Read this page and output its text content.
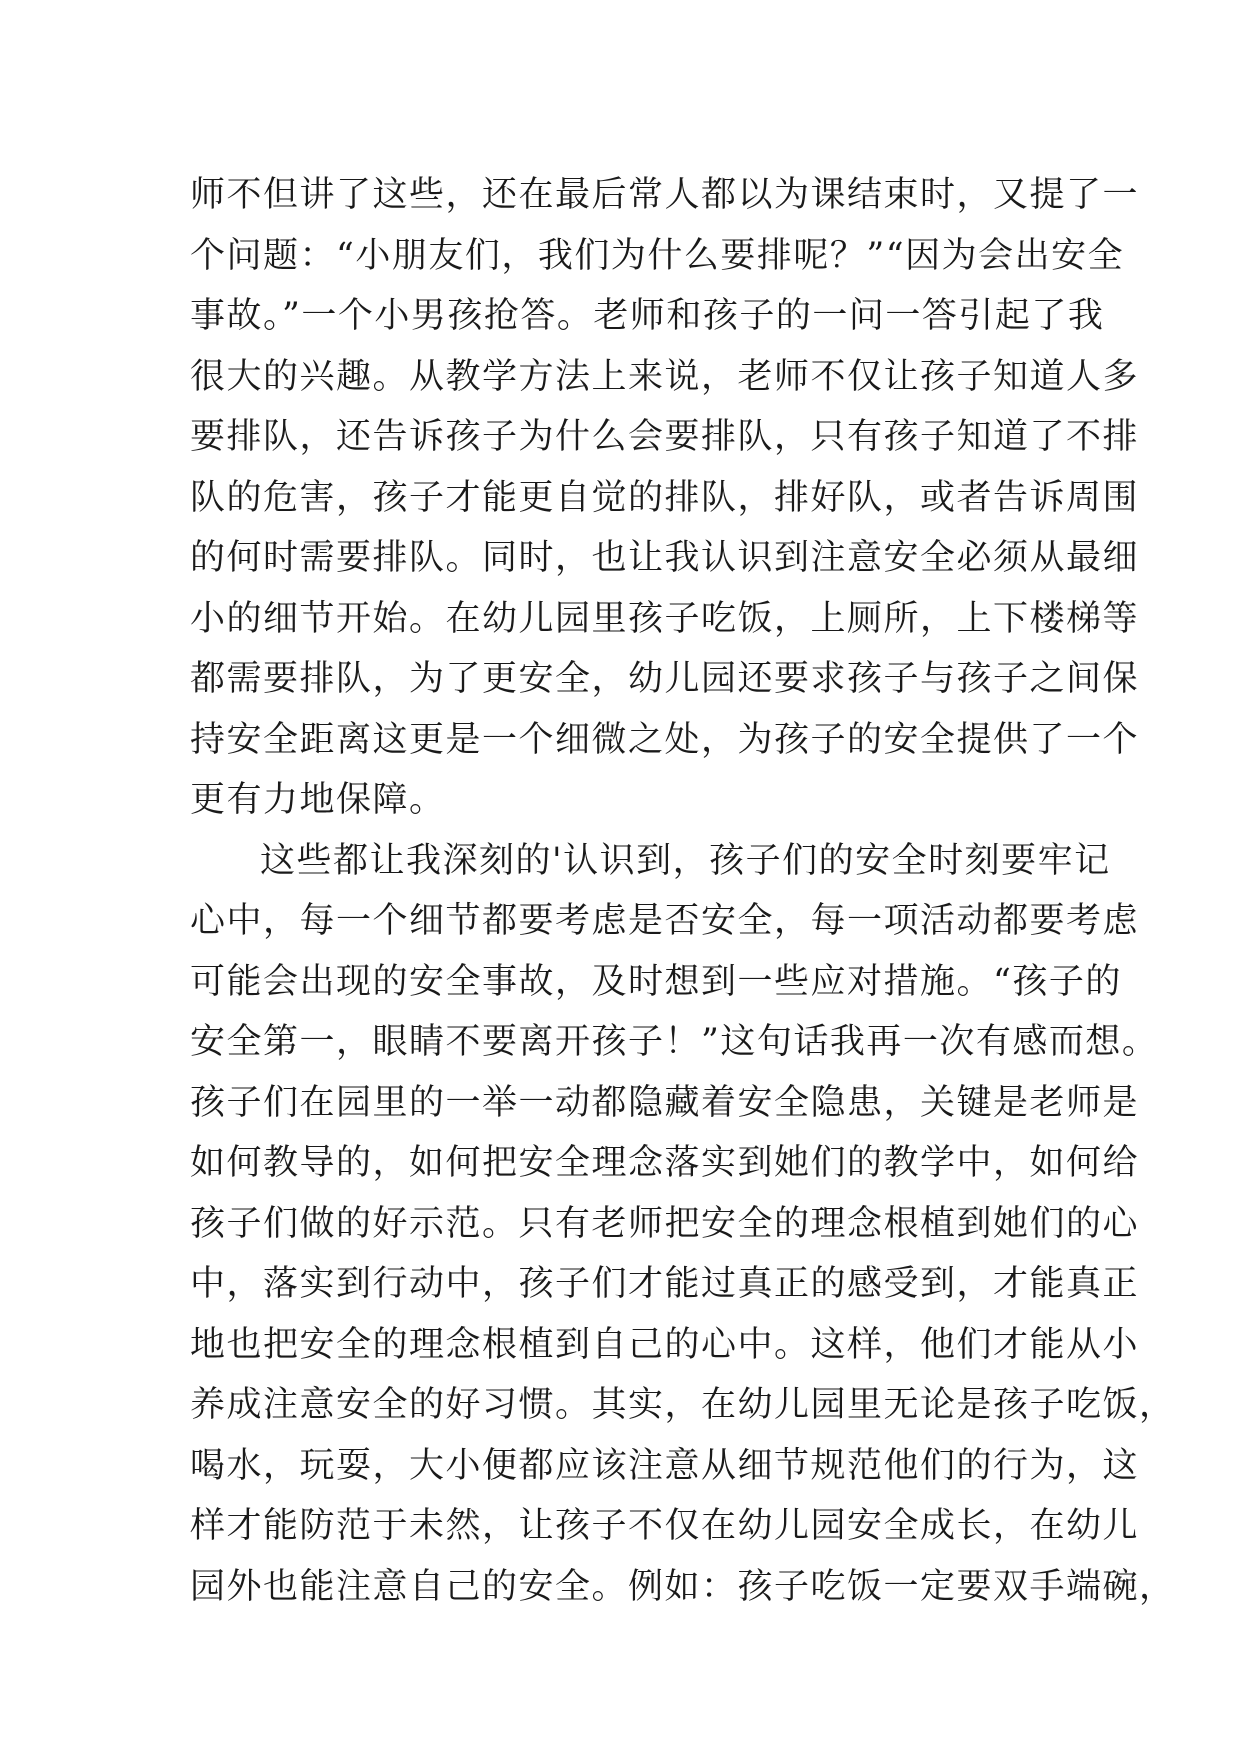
师不但讲了这些，还在最后常人都以为课结束时，又提了一
个问题：“小朋友们，我们为什么要排呢？”“因为会出安全
事故。”一个小男孩抢答。老师和孩子的一问一答引起了我
很大的兴趣。从教学方法上来说，老师不仅让孩子知道人多
要排队，还告诉孩子为什么会要排队，只有孩子知道了不排
队的危害，孩子才能更自觉的排队，排好队，或者告诉周围
的何时需要排队。同时，也让我认识到注意安全必须从最细
小的细节开始。在幼儿园里孩子吃饭，上厕所，上下楼梯等
都需要排队，为了更安全，幼儿园还要求孩子与孩子之间保
持安全距离这更是一个细微之处，为孩子的安全提供了一个
更有力地保障。
这些都让我深刻的'认识到，孩子们的安全时刻要牢记
心中，每一个细节都要考虑是否安全，每一项活动都要考虑
可能会出现的安全事故，及时想到一些应对措施。“孩子的
安全第一，眼睛不要离开孩子！”这句话我再一次有感而想。
孩子们在园里的一举一动都隐藏着安全隐患，关键是老师是
如何教导的，如何把安全理念落实到她们的教学中，如何给
孩子们做的好示范。只有老师把安全的理念根植到她们的心
中，落实到行动中，孩子们才能过真正的感受到，才能真正
地也把安全的理念根植到自己的心中。这样，他们才能从小
养成注意安全的好习惯。其实，在幼儿园里无论是孩子吃饭，
喝水，玩耍，大小便都应该注意从细节规范他们的行为，这
样才能防范于未然，让孩子不仅在幼儿园安全成长，在幼儿
园外也能注意自己的安全。例如：孩子吃饭一定要双手端碗，
